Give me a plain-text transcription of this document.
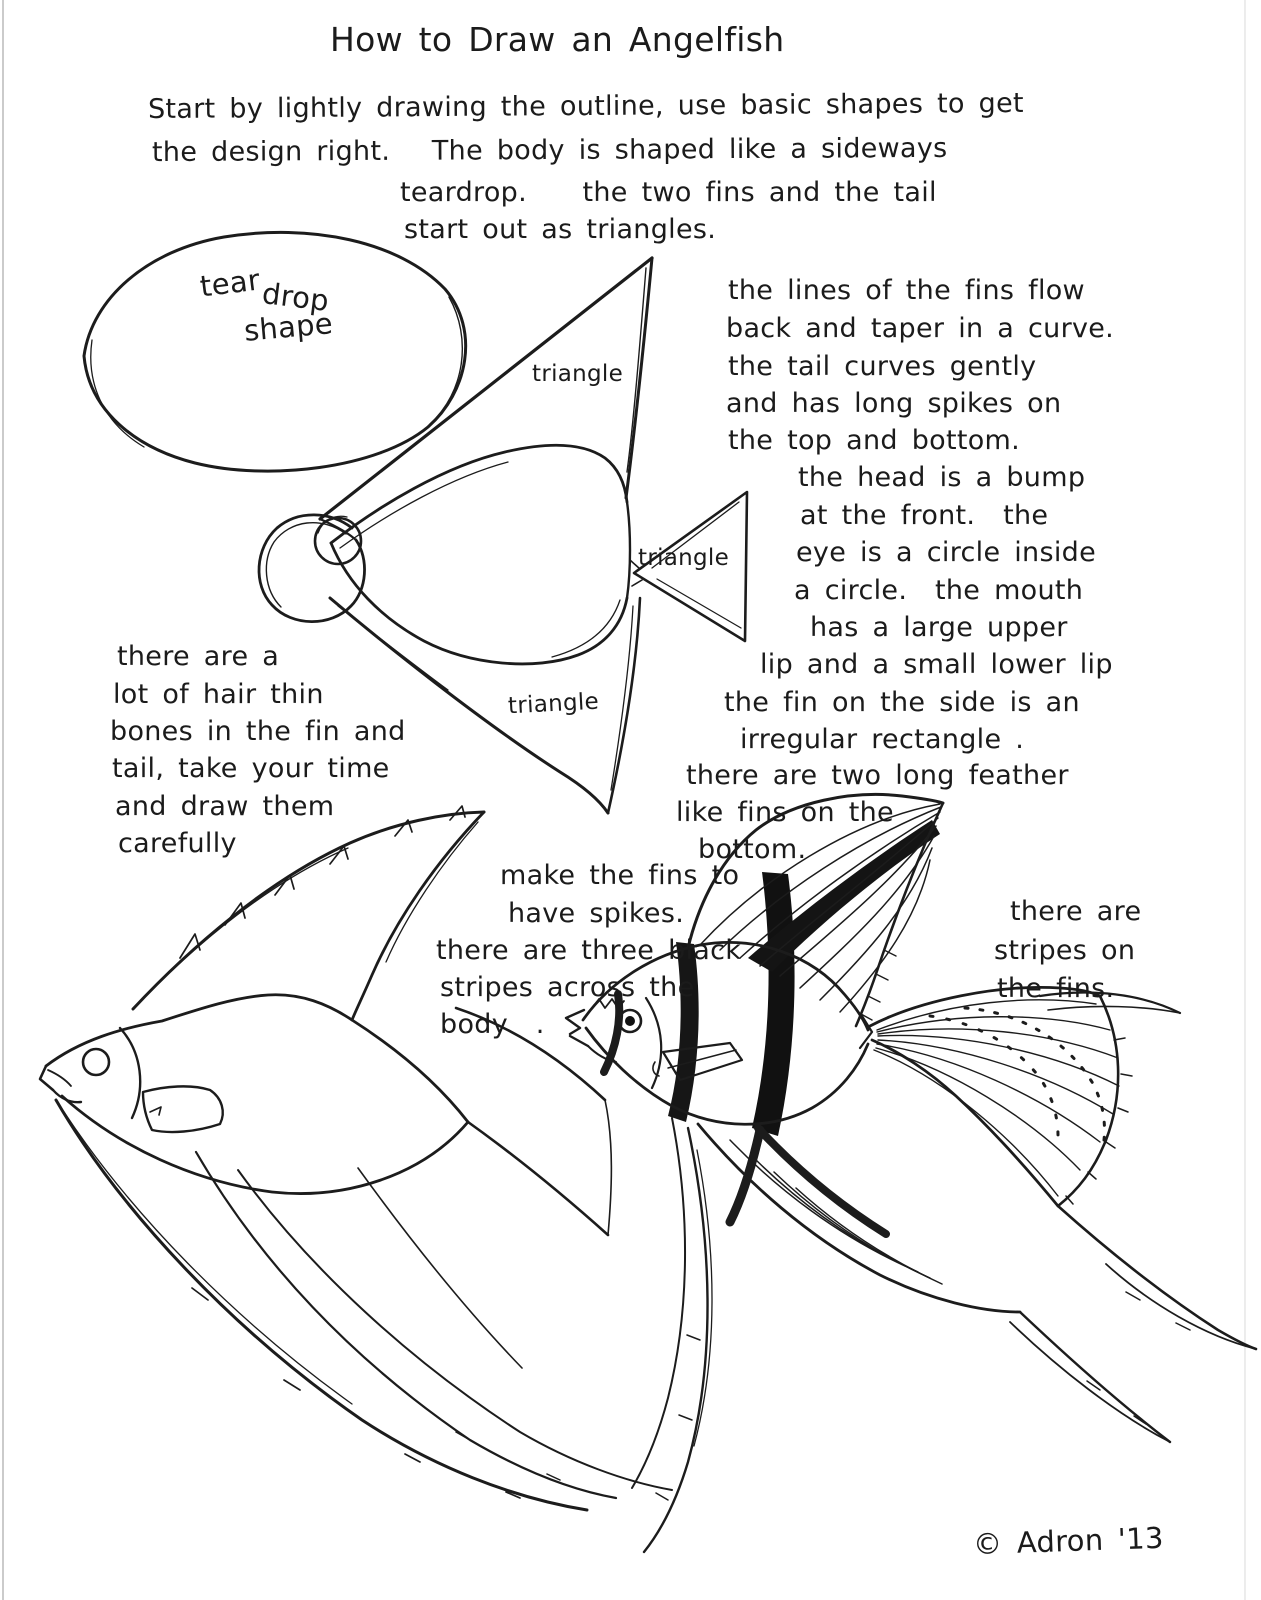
How to Draw an Angelfish
Start by lightly drawing the outline, use basic shapes to get
the design right.   The body is shaped like a sideways
teardrop.    the two fins and the tail
start out as triangles.
tear
drop
shape
triangle
triangle
triangle
the lines of the fins flow
back and taper in a curve.
the tail curves gently
and has long spikes on
the top and bottom.
the head is a bump
at the front.  the
eye is a circle inside
a circle.  the mouth
has a large upper
lip and a small lower lip
the fin on the side is an
irregular rectangle .
there are two long feather
like fins on the
bottom.
there are a
lot of hair thin
bones in the fin and
tail, take your time
and draw them
carefully
make the fins to
have spikes.
there are three black
stripes across the
body  .
there are
stripes on
the fins.
© Adron '13
